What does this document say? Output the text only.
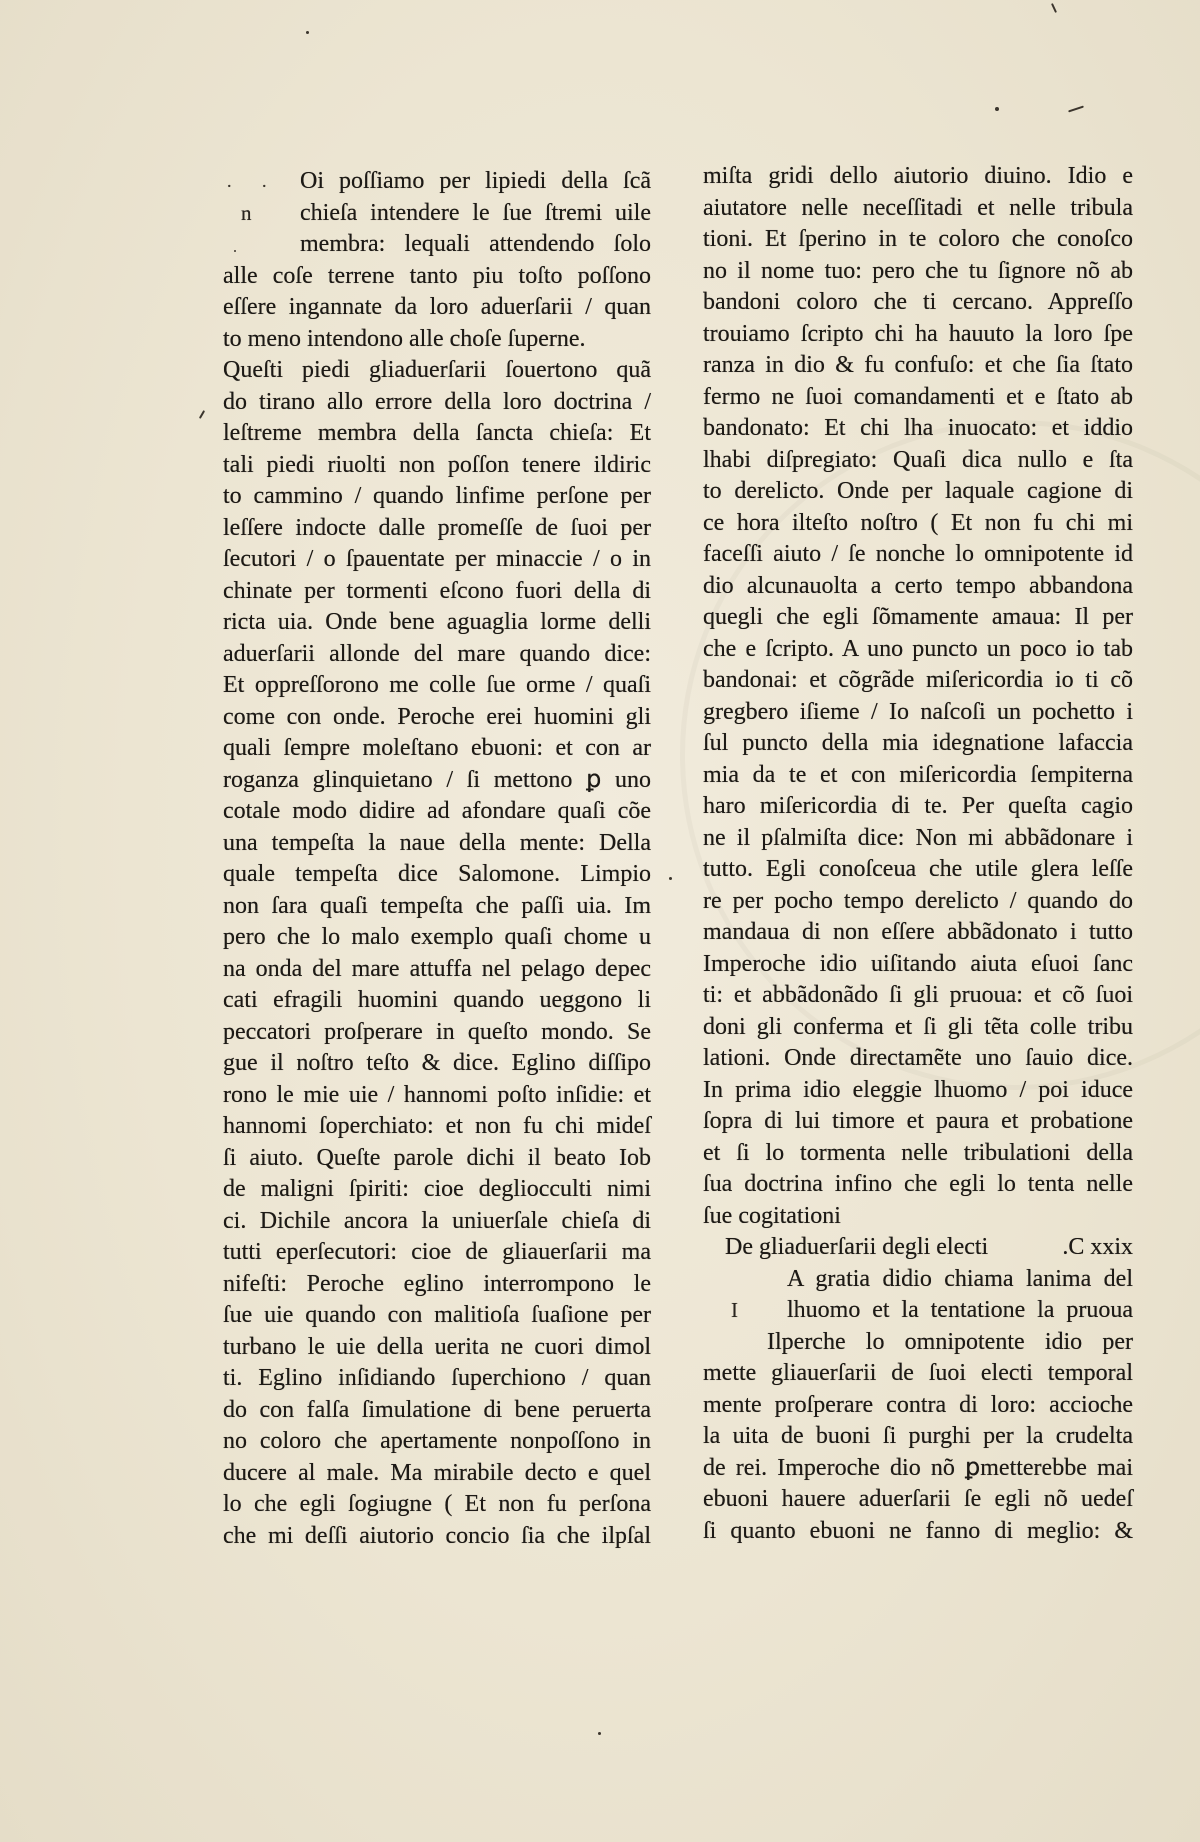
. .
n
Oi poſſiamo per lipiedi della ſcã
chieſa intendere le ſue ſtremi uile
membra: lequali attendendo ſolo
alle coſe terrene tanto piu toſto poſſono
eſſere ingannate da loro aduerſarii / quan
to meno intendono alle choſe ſuperne.
Queſti piedi gliaduerſarii ſouertono quã
do tirano allo errore della loro doctrina /
leſtreme membra della ſancta chieſa: Et
tali piedi riuolti non poſſon tenere ildiric
to cammino / quando linfime perſone per
leſſere indocte dalle promeſſe de ſuoi per
ſecutori / o ſpauentate per minaccie / o in
chinate per tormenti eſcono fuori della di
ricta uia. Onde bene aguaglia lorme delli
aduerſarii allonde del mare quando dice:
Et oppreſſorono me colle ſue orme / quaſi
come con onde. Peroche erei huomini gli
quali ſempre moleſtano ebuoni: et con ar
roganza glinquietano / ſi mettono ꝑ uno
cotale modo didire ad afondare quaſi cõe
una tempeſta la naue della mente: Della
quale tempeſta dice Salomone. Limpio
non ſara quaſi tempeſta che paſſi uia. Im
pero che lo malo exemplo quaſi chome u
na onda del mare attuffa nel pelago depec
cati efragili huomini quando ueggono li
peccatori proſperare in queſto mondo. Se
gue il noſtro teſto & dice. Eglino diſſipo
rono le mie uie / hannomi poſto inſidie: et
hannomi ſoperchiato: et non fu chi mideſ
ſi aiuto. Queſte parole dichi il beato Iob
de maligni ſpiriti: cioe degliocculti nimi
ci. Dichile ancora la uniuerſale chieſa di
tutti eperſecutori: cioe de gliauerſarii ma
nifeſti: Peroche eglino interrompono le
ſue uie quando con malitioſa ſuaſione per
turbano le uie della uerita ne cuori dimol
ti. Eglino inſidiando ſuperchiono / quan
do con falſa ſimulatione di bene peruerta
no coloro che apertamente nonpoſſono in
ducere al male. Ma mirabile decto e quel
lo che egli ſogiugne ( Et non fu perſona
che mi deſſi aiutorio concio ſia che ilpſal
I
miſta gridi dello aiutorio diuino. Idio e
aiutatore nelle neceſſitadi et nelle tribula
tioni. Et ſperino in te coloro che conoſco
no il nome tuo: pero che tu ſignore nõ ab
bandoni coloro che ti cercano. Appreſſo
trouiamo ſcripto chi ha hauuto la loro ſpe
ranza in dio & fu confuſo: et che ſia ſtato
fermo ne ſuoi comandamenti et e ſtato ab
bandonato: Et chi lha inuocato: et iddio
lhabi diſpregiato: Quaſi dica nullo e ſta
to derelicto. Onde per laquale cagione di
ce hora ilteſto noſtro ( Et non fu chi mi
faceſſi aiuto / ſe nonche lo omnipotente id
dio alcunauolta a certo tempo abbandona
quegli che egli ſõmamente amaua: Il per
che e ſcripto. A uno puncto un poco io tab
bandonai: et cõgrãde miſericordia io ti cõ
gregbero iſieme / Io naſcoſi un pochetto i
ſul puncto della mia idegnatione lafaccia
mia da te et con miſericordia ſempiterna
haro miſericordia di te. Per queſta cagio
ne il pſalmiſta dice: Non mi abbãdonare i
tutto. Egli conoſceua che utile glera leſſe
re per pocho tempo derelicto / quando do
mandaua di non eſſere abbãdonato i tutto
Imperoche idio uiſitando aiuta eſuoi ſanc
ti: et abbãdonãdo ſi gli pruoua: et cõ ſuoi
doni gli conferma et ſi gli tẽta colle tribu
lationi. Onde directamẽte uno ſauio dice.
In prima idio eleggie lhuomo / poi iduce
ſopra di lui timore et paura et probatione
et ſi lo tormenta nelle tribulationi della
ſua doctrina infino che egli lo tenta nelle
ſue cogitationi
De gliaduerſarii degli electi	.C xxix
A gratia didio chiama lanima del
lhuomo et la tentatione la pruoua
Ilperche lo omnipotente idio per
mette gliauerſarii de ſuoi electi temporal
mente proſperare contra di loro: accioche
la uita de buoni ſi purghi per la crudelta
de rei. Imperoche dio nõ ꝑmetterebbe mai
ebuoni hauere aduerſarii ſe egli nõ uedeſ
ſi quanto ebuoni ne fanno di meglio: &
